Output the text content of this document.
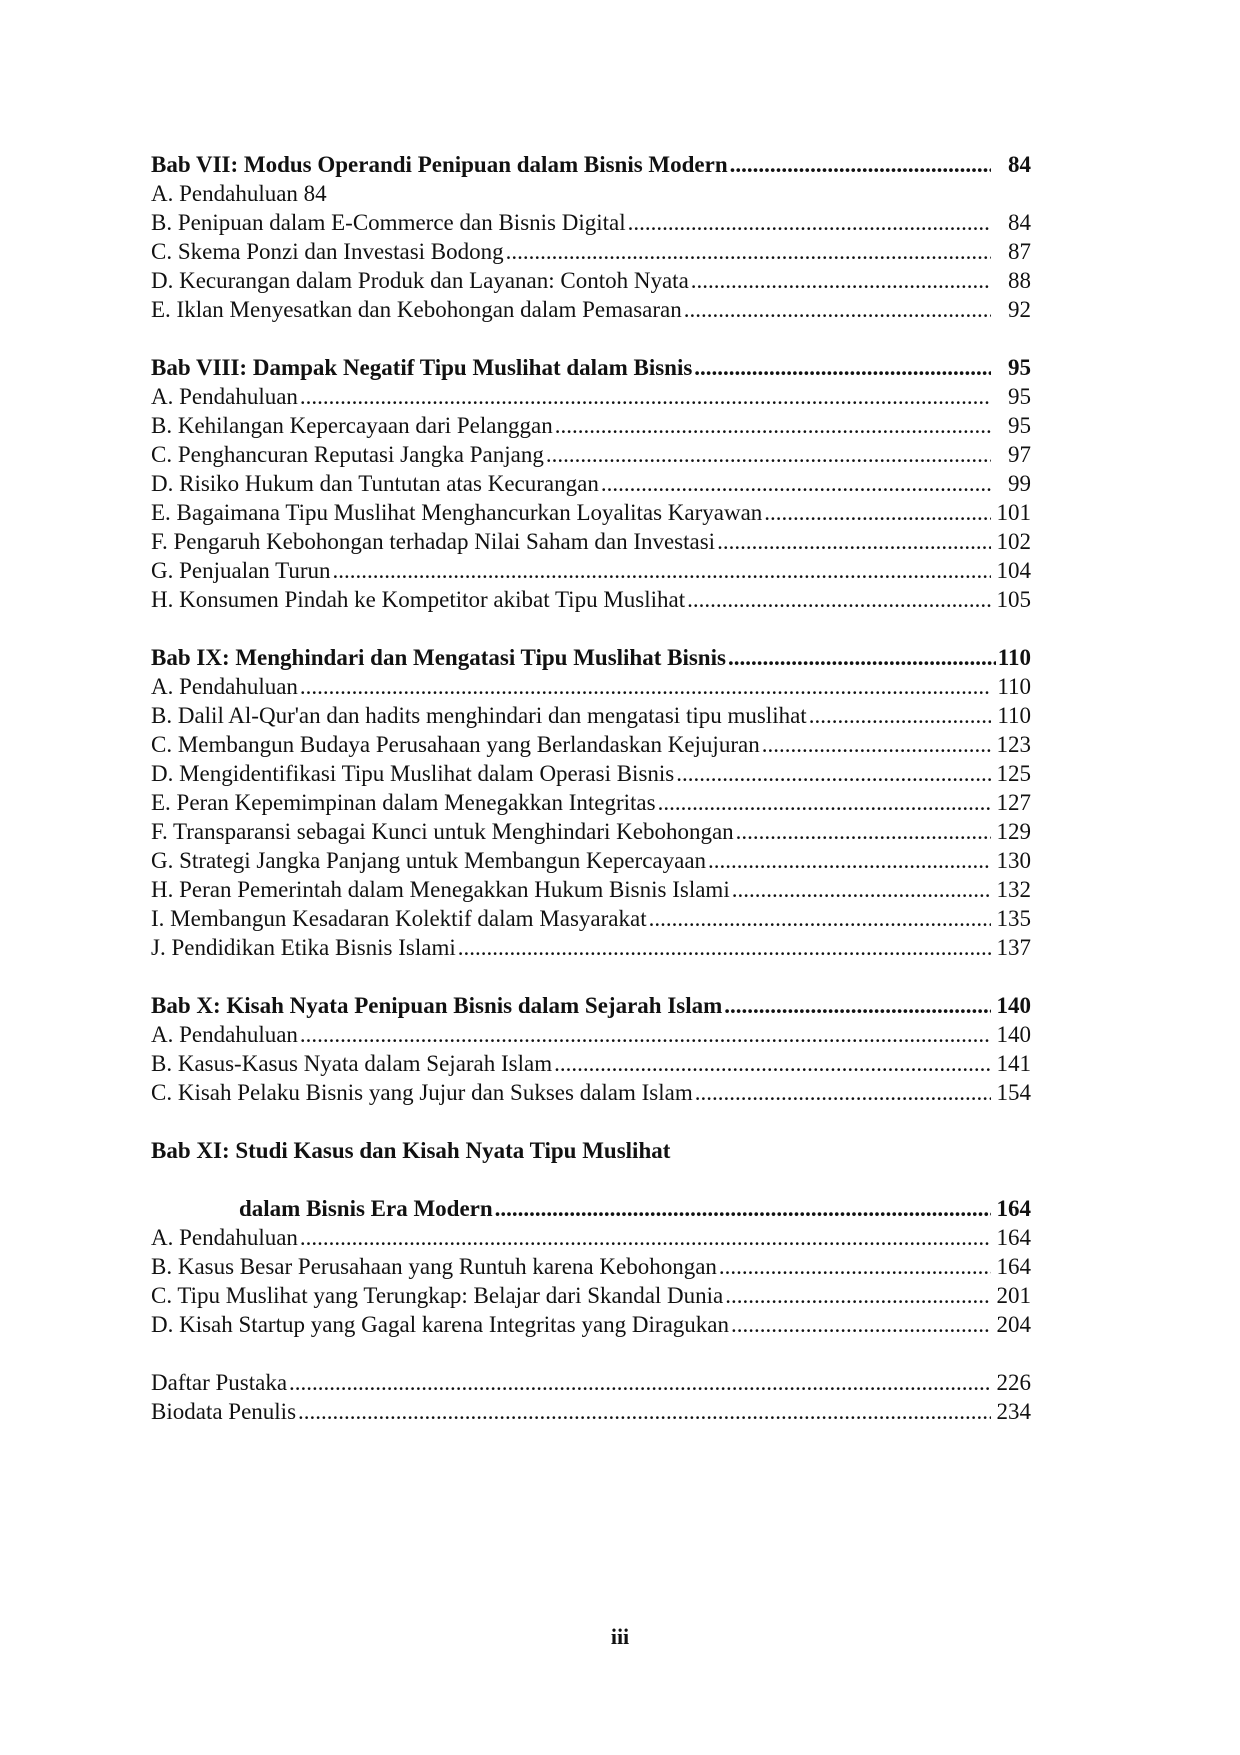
Bab VII: Modus Operandi Penipuan dalam Bisnis Modern .....	84
A. Pendahuluan 84
B. Penipuan dalam E-Commerce dan Bisnis Digital .....	84
C. Skema Ponzi dan Investasi Bodong .....	87
D. Kecurangan dalam Produk dan Layanan: Contoh Nyata .....	88
E. Iklan Menyesatkan dan Kebohongan dalam Pemasaran .....	92
Bab VIII: Dampak Negatif Tipu Muslihat dalam Bisnis .....	95
A. Pendahuluan .....	95
B. Kehilangan Kepercayaan dari Pelanggan .....	95
C. Penghancuran Reputasi Jangka Panjang .....	97
D. Risiko Hukum dan Tuntutan atas Kecurangan .....	99
E. Bagaimana Tipu Muslihat Menghancurkan Loyalitas Karyawan .....	101
F. Pengaruh Kebohongan terhadap Nilai Saham dan Investasi .....	102
G. Penjualan Turun .....	104
H. Konsumen Pindah ke Kompetitor akibat Tipu Muslihat .....	105
Bab IX: Menghindari dan Mengatasi Tipu Muslihat Bisnis .....	110
A. Pendahuluan .....	110
B. Dalil Al-Qur'an dan hadits menghindari dan mengatasi tipu muslihat .....	110
C. Membangun Budaya Perusahaan yang Berlandaskan Kejujuran .....	123
D. Mengidentifikasi Tipu Muslihat dalam Operasi Bisnis .....	125
E. Peran Kepemimpinan dalam Menegakkan Integritas .....	127
F. Transparansi sebagai Kunci untuk Menghindari Kebohongan .....	129
G. Strategi Jangka Panjang untuk Membangun Kepercayaan .....	130
H. Peran Pemerintah dalam Menegakkan Hukum Bisnis Islami .....	132
I. Membangun Kesadaran Kolektif dalam Masyarakat .....	135
J. Pendidikan Etika Bisnis Islami .....	137
Bab X: Kisah Nyata Penipuan Bisnis dalam Sejarah Islam .....	140
A. Pendahuluan .....	140
B. Kasus-Kasus Nyata dalam Sejarah Islam .....	141
C. Kisah Pelaku Bisnis yang Jujur dan Sukses dalam Islam .....	154
Bab XI: Studi Kasus dan Kisah Nyata Tipu Muslihat
dalam Bisnis Era Modern .....	164
A. Pendahuluan .....	164
B. Kasus Besar Perusahaan yang Runtuh karena Kebohongan .....	164
C. Tipu Muslihat yang Terungkap: Belajar dari Skandal Dunia .....	201
D. Kisah Startup yang Gagal karena Integritas yang Diragukan .....	204
Daftar Pustaka .....	226
Biodata Penulis .....	234
iii
